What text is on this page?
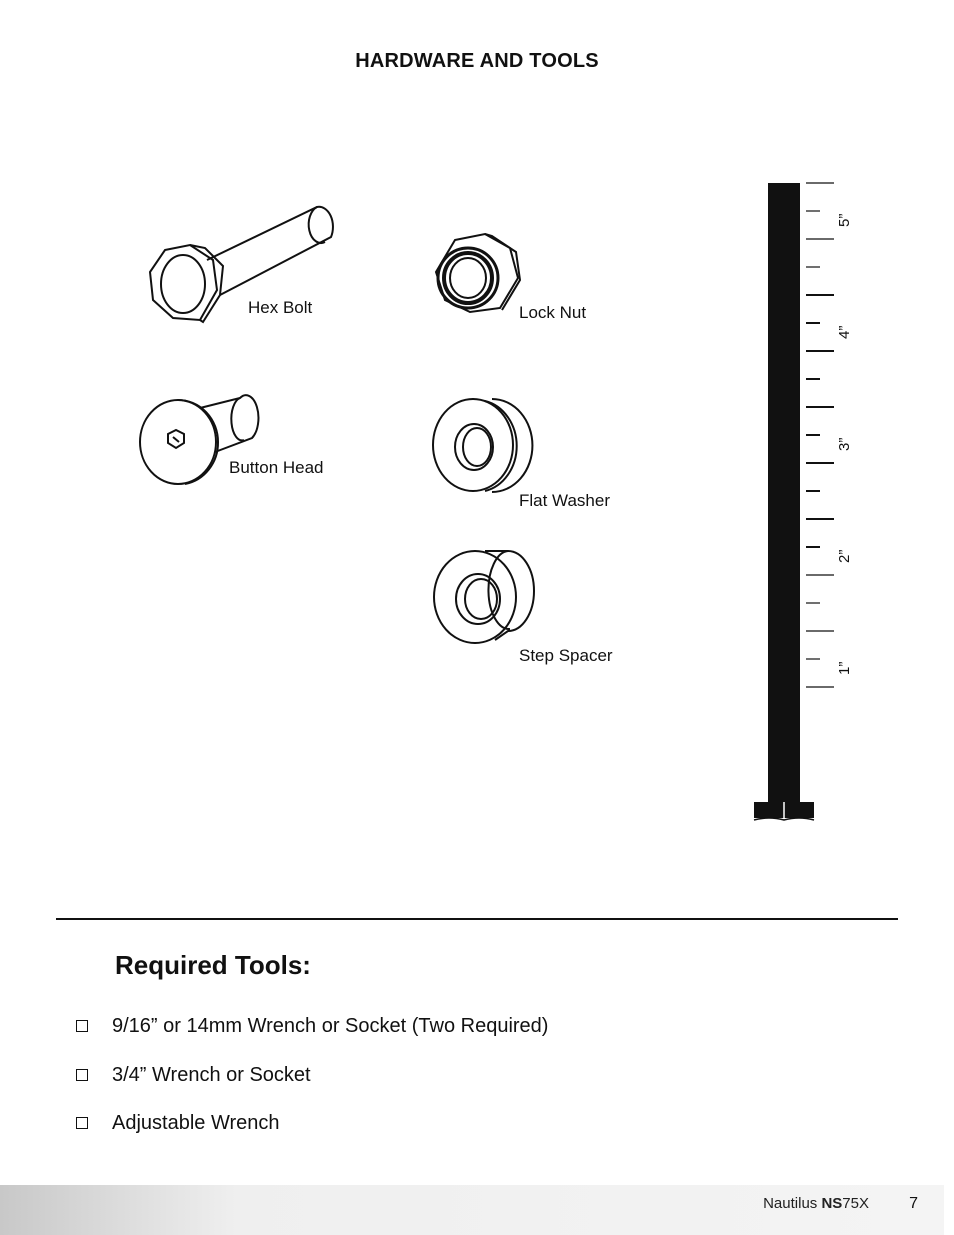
HARDWARE AND TOOLS
Hex Bolt	Lock Nut
Button Head
Flat Washer
Step Spacer
5”
4”
3”
2”
1”
Required Tools:
9/16” or 14mm Wrench or Socket (Two Required)
3/4” Wrench or Socket
Adjustable Wrench
Nautilus NS75X	7
